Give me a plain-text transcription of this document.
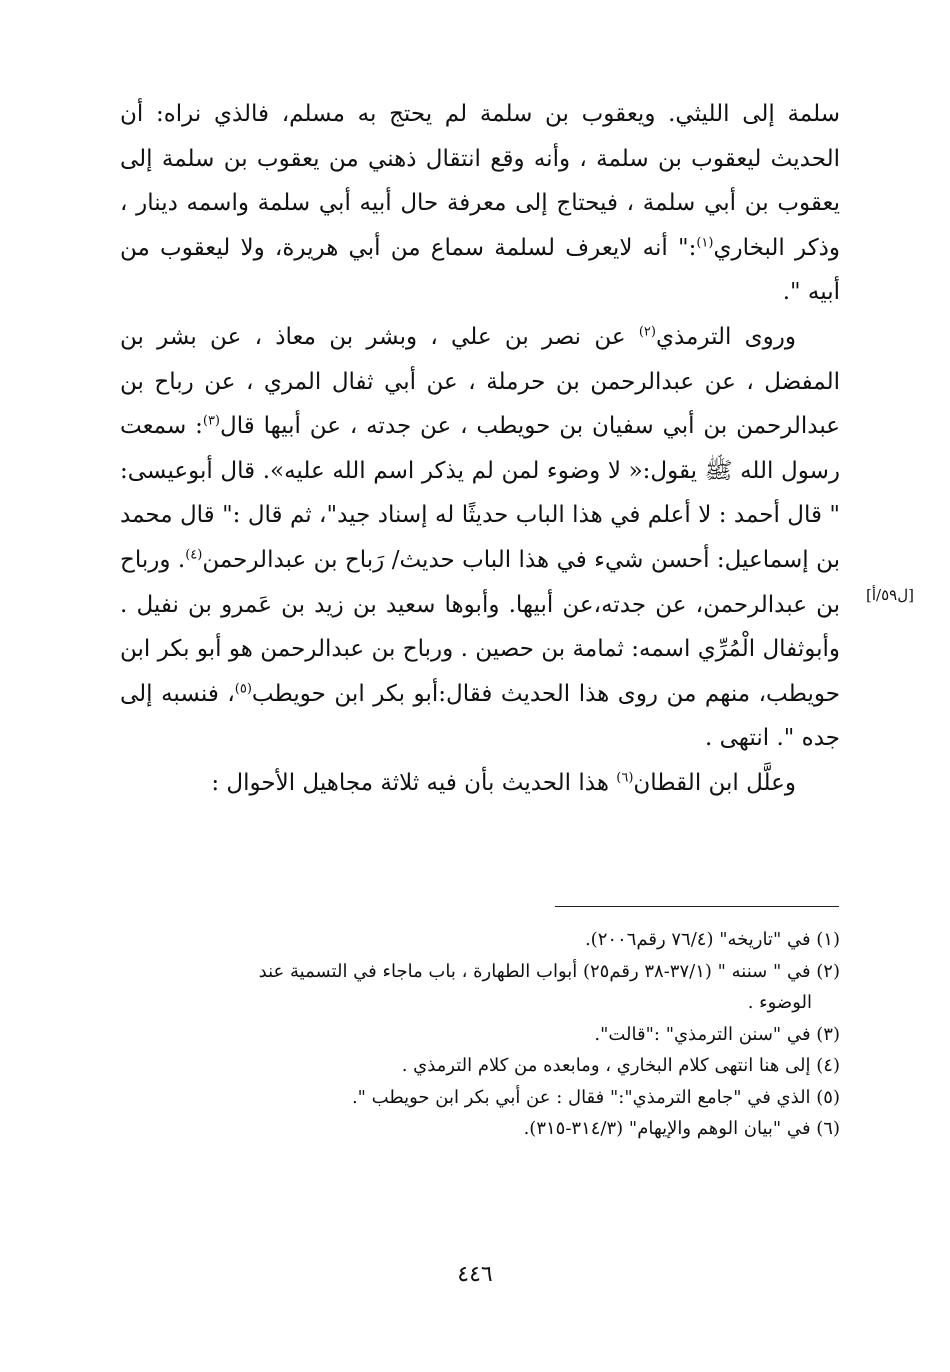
سلمة إلى الليثي. ويعقوب بن سلمة لم يحتج به مسلم، فالذي نراه: أن الحديث ليعقوب بن سلمة ، وأنه وقع انتقال ذهني من يعقوب بن سلمة إلى يعقوب بن أبي سلمة ، فيحتاج إلى معرفة حال أبيه أبي سلمة واسمه دينار ، وذكر البخاري$^{(١)}$:" أنه لايعرف لسلمة سماع من أبي هريرة، ولا ليعقوب من أبيه ".

وروى الترمذي$^{(٢)}$ عن نصر بن علي ، وبشر بن معاذ ، عن بشر بن المفضل ، عن عبدالرحمن بن حرملة ، عن أبي ثفال المري ، عن رباح بن عبدالرحمن بن أبي سفيان بن حويطب ، عن جدته ، عن أبيها قال$^{(٣)}$: سمعت رسول الله ﷺ يقول:« لا وضوء لمن لم يذكر اسم الله عليه». قال أبوعيسى: " قال أحمد : لا أعلم في هذا الباب حديثًا له إسناد جيد"، ثم قال :" قال محمد بن إسماعيل: أحسن شيء في هذا الباب حديث/ رَباح بن عبدالرحمن$^{(٤)}$. ورباح بن عبدالرحمن، عن جدته،عن أبيها. وأبوها سعيد بن زيد بن عَمرو بن نفيل . وأبوثفال الْمُرِّي اسمه: ثمامة بن حصين . ورباح بن عبدالرحمن هو أبو بكر ابن حويطب، منهم من روى هذا الحديث فقال:أبو بكر ابن حويطب$^{(٥)}$، فنسبه إلى جده ". انتهى .

وعلَّل ابن القطان$^{(٦)}$ هذا الحديث بأن فيه ثلاثة مجاهيل الأحوال :

[ل٥٩/أ]

(١) في "تاريخه" (٧٦/٤ رقم٢٠٠٦).

(٢) في " سننه " (٣٧/١-٣٨ رقم٢٥) أبواب الطهارة ، باب ماجاء في التسمية عند

الوضوء .

(٣) في "سنن الترمذي" :"قالت".

(٤) إلى هنا انتهى كلام البخاري ، ومابعده من كلام الترمذي .

(٥) الذي في "جامع الترمذي":" فقال : عن أبي بكر ابن حويطب ".

(٦) في "بيان الوهم والإيهام" (٣١٤/٣-٣١٥).

٤٤٦
